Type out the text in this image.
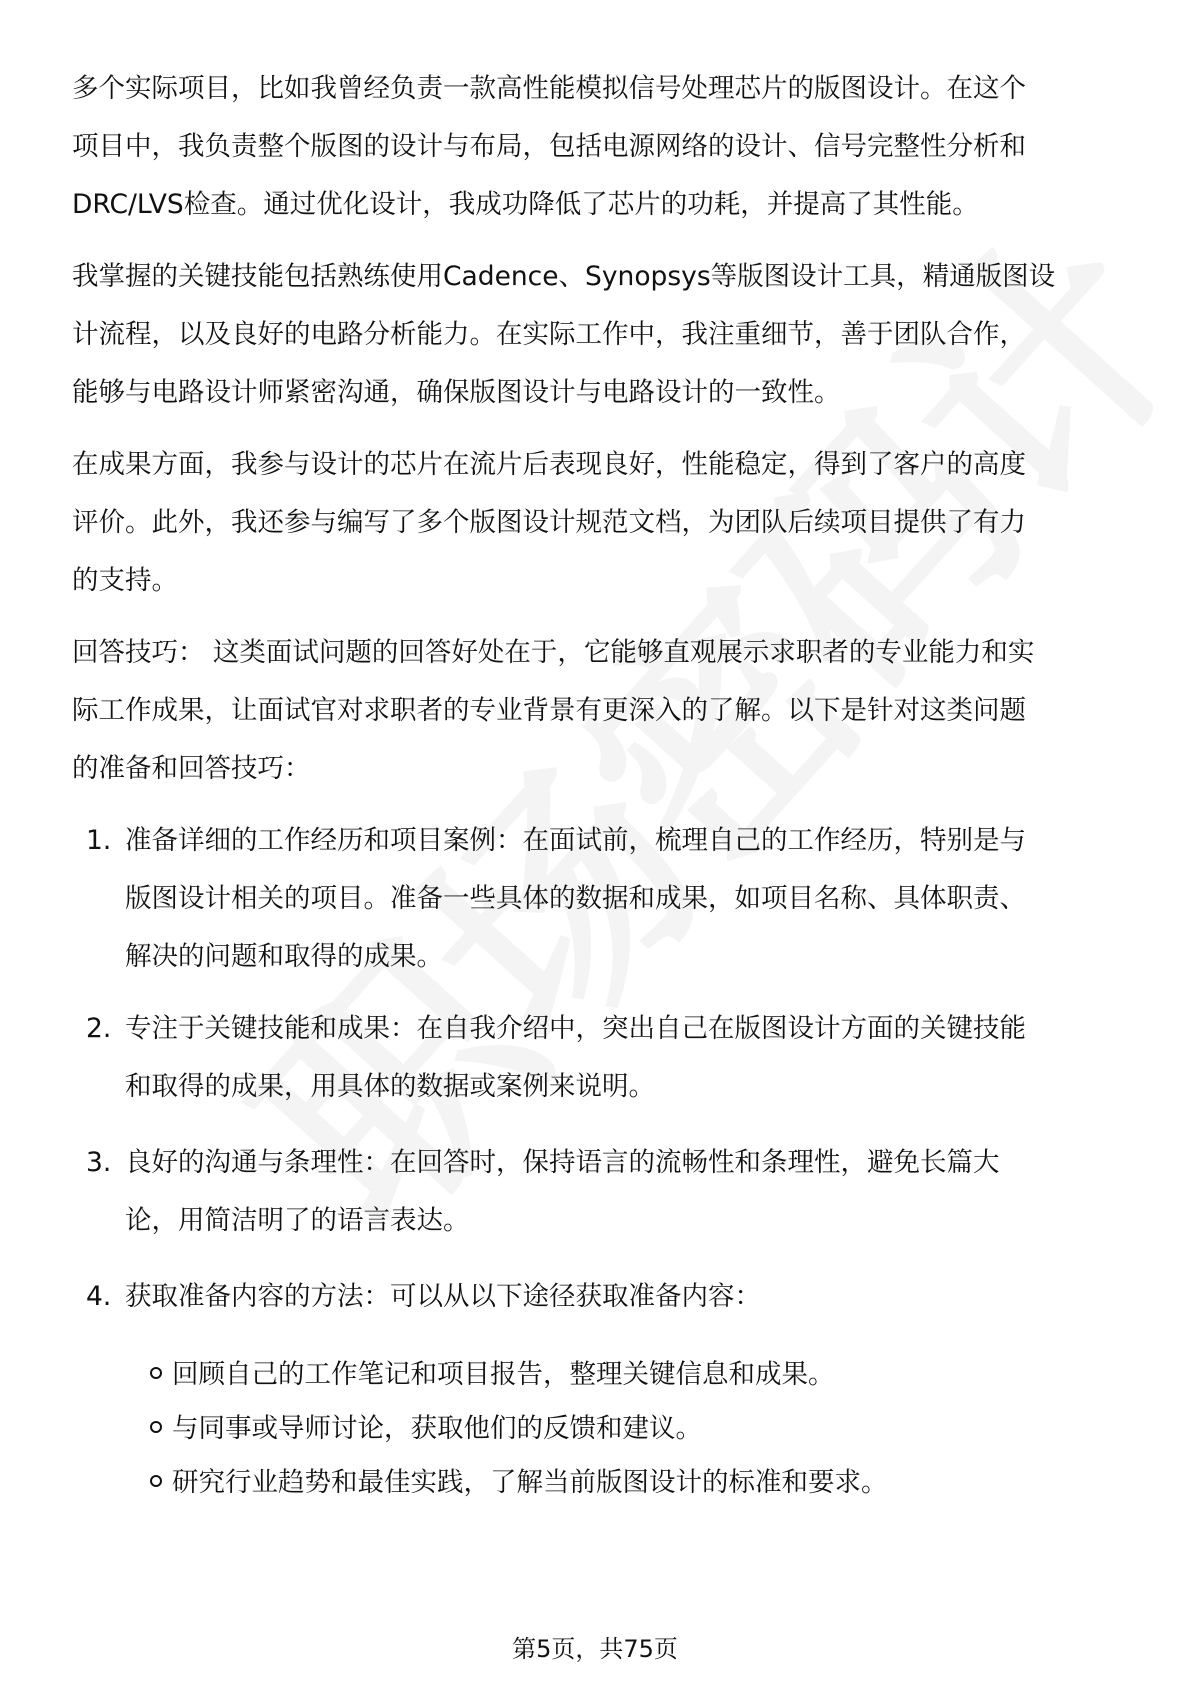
多个实际项目，比如我曾经负责一款高性能模拟信号处理芯片的版图设计。在这个
项目中，我负责整个版图的设计与布局，包括电源网络的设计、信号完整性分析和
DRC/LVS检查。通过优化设计，我成功降低了芯片的功耗，并提高了其性能。
我掌握的关键技能包括熟练使用Cadence、Synopsys等版图设计工具，精通版图设
计流程，以及良好的电路分析能力。在实际工作中，我注重细节，善于团队合作，
能够与电路设计师紧密沟通，确保版图设计与电路设计的一致性。
在成果方面，我参与设计的芯片在流片后表现良好，性能稳定，得到了客户的高度
评价。此外，我还参与编写了多个版图设计规范文档，为团队后续项目提供了有力
的支持。
回答技巧： 这类面试问题的回答好处在于，它能够直观展示求职者的专业能力和实
际工作成果，让面试官对求职者的专业背景有更深入的了解。以下是针对这类问题
的准备和回答技巧：
1. 准备详细的工作经历和项目案例：在面试前，梳理自己的工作经历，特别是与
版图设计相关的项目。准备一些具体的数据和成果，如项目名称、具体职责、
解决的问题和取得的成果。
2. 专注于关键技能和成果：在自我介绍中，突出自己在版图设计方面的关键技能
和取得的成果，用具体的数据或案例来说明。
3. 良好的沟通与条理性：在回答时，保持语言的流畅性和条理性，避免长篇大
论，用简洁明了的语言表达。
4. 获取准备内容的方法：可以从以下途径获取准备内容：
回顾自己的工作笔记和项目报告，整理关键信息和成果。
与同事或导师讨论，获取他们的反馈和建议。
研究行业趋势和最佳实践，了解当前版图设计的标准和要求。
第5页，共75页
